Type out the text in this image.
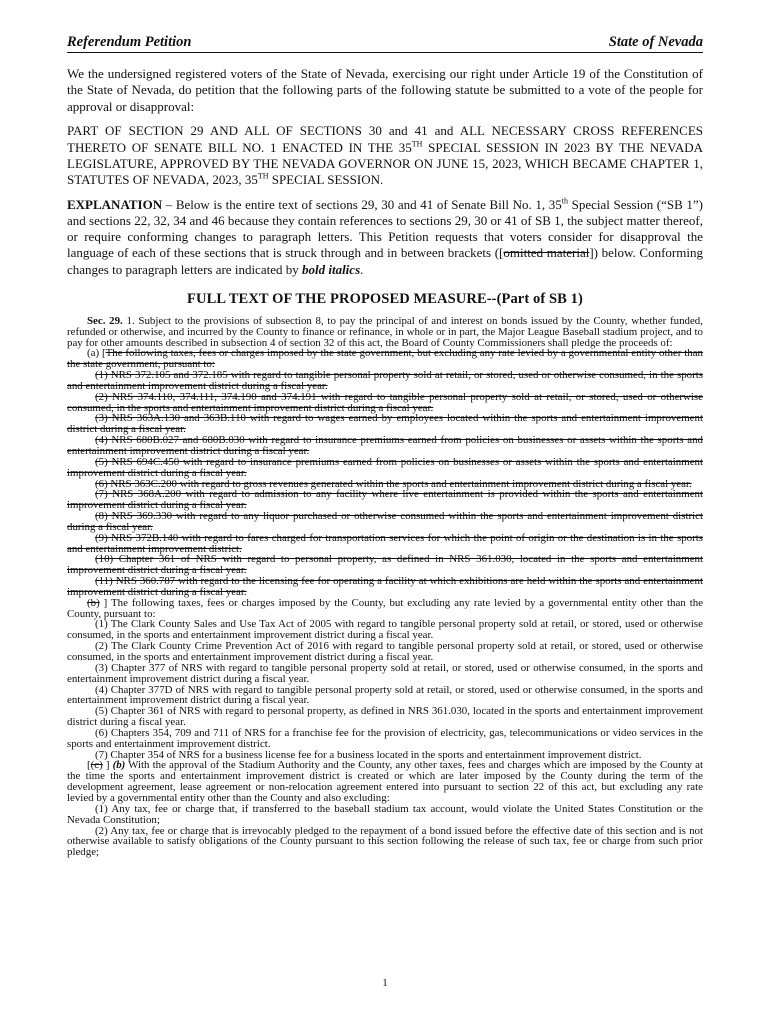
Referendum Petition	State of Nevada
We the undersigned registered voters of the State of Nevada, exercising our right under Article 19 of the Constitution of the State of Nevada, do petition that the following parts of the following statute be submitted to a vote of the people for approval or disapproval:
PART OF SECTION 29 AND ALL OF SECTIONS 30 and 41 and ALL NECESSARY CROSS REFERENCES THERETO OF SENATE BILL NO. 1 ENACTED IN THE 35TH SPECIAL SESSION IN 2023 BY THE NEVADA LEGISLATURE, APPROVED BY THE NEVADA GOVERNOR ON JUNE 15, 2023, WHICH BECAME CHAPTER 1, STATUTES OF NEVADA, 2023, 35TH SPECIAL SESSION.
EXPLANATION – Below is the entire text of sections 29, 30 and 41 of Senate Bill No. 1, 35th Special Session (“SB 1”) and sections 22, 32, 34 and 46 because they contain references to sections 29, 30 or 41 of SB 1, the subject matter thereof, or require conforming changes to paragraph letters. This Petition requests that voters consider for disapproval the language of each of these sections that is struck through and in between brackets ([omitted material]) below. Conforming changes to paragraph letters are indicated by bold italics.
FULL TEXT OF THE PROPOSED MEASURE--(Part of SB 1)

Sec. 29. 1. Subject to the provisions of subsection 8, to pay the principal of and interest on bonds issued by the County, whether funded, refunded or otherwise, and incurred by the County to finance or refinance, in whole or in part, the Major League Baseball stadium project, and to pay for other amounts described in subsection 4 of section 32 of this act, the Board of County Commissioners shall pledge the proceeds of:

(a) [The following taxes, fees or charges imposed by the state government, but excluding any rate levied by a governmental entity other than the state government, pursuant to:

(1) NRS 372.105 and 372.185 with regard to tangible personal property sold at retail, or stored, used or otherwise consumed, in the sports and entertainment improvement district during a fiscal year.

(2) NRS 374.110, 374.111, 374.190 and 374.191 with regard to tangible personal property sold at retail, or stored, used or otherwise consumed, in the sports and entertainment improvement district during a fiscal year.

(3) NRS 363A.130 and 363B.110 with regard to wages earned by employees located within the sports and entertainment improvement district during a fiscal year.

(4) NRS 680B.027 and 680B.030 with regard to insurance premiums earned from policies on businesses or assets within the sports and entertainment improvement district during a fiscal year.

(5) NRS 694C.450 with regard to insurance premiums earned from policies on businesses or assets within the sports and entertainment improvement district during a fiscal year.

(6) NRS 363C.200 with regard to gross revenues generated within the sports and entertainment improvement district during a fiscal year.

(7) NRS 368A.200 with regard to admission to any facility where live entertainment is provided within the sports and entertainment improvement district during a fiscal year.

(8) NRS 369.330 with regard to any liquor purchased or otherwise consumed within the sports and entertainment improvement district during a fiscal year.

(9) NRS 372B.140 with regard to fares charged for transportation services for which the point of origin or the destination is in the sports and entertainment improvement district.

(10) Chapter 361 of NRS with regard to personal property, as defined in NRS 361.030, located in the sports and entertainment improvement district during a fiscal year.

(11) NRS 360.787 with regard to the licensing fee for operating a facility at which exhibitions are held within the sports and entertainment improvement district during a fiscal year.

(b) ] The following taxes, fees or charges imposed by the County, but excluding any rate levied by a governmental entity other than the County, pursuant to:

(1) The Clark County Sales and Use Tax Act of 2005 with regard to tangible personal property sold at retail, or stored, used or otherwise consumed, in the sports and entertainment improvement district during a fiscal year.

(2) The Clark County Crime Prevention Act of 2016 with regard to tangible personal property sold at retail, or stored, used or otherwise consumed, in the sports and entertainment improvement district during a fiscal year.

(3) Chapter 377 of NRS with regard to tangible personal property sold at retail, or stored, used or otherwise consumed, in the sports and entertainment improvement district during a fiscal year.

(4) Chapter 377D of NRS with regard to tangible personal property sold at retail, or stored, used or otherwise consumed, in the sports and entertainment improvement district during a fiscal year.

(5) Chapter 361 of NRS with regard to personal property, as defined in NRS 361.030, located in the sports and entertainment improvement district during a fiscal year.

(6) Chapters 354, 709 and 711 of NRS for a franchise fee for the provision of electricity, gas, telecommunications or video services in the sports and entertainment improvement district.

(7) Chapter 354 of NRS for a business license fee for a business located in the sports and entertainment improvement district.

[(c) ] (b) With the approval of the Stadium Authority and the County, any other taxes, fees and charges which are imposed by the County at the time the sports and entertainment improvement district is created or which are later imposed by the County during the term of the development agreement, lease agreement or non-relocation agreement entered into pursuant to section 22 of this act, but excluding any rate levied by a governmental entity other than the County and also excluding:

(1) Any tax, fee or charge that, if transferred to the baseball stadium tax account, would violate the United States Constitution or the Nevada Constitution;

(2) Any tax, fee or charge that is irrevocably pledged to the repayment of a bond issued before the effective date of this section and is not otherwise available to satisfy obligations of the County pursuant to this section following the release of such tax, fee or charge from such prior pledge;

1
